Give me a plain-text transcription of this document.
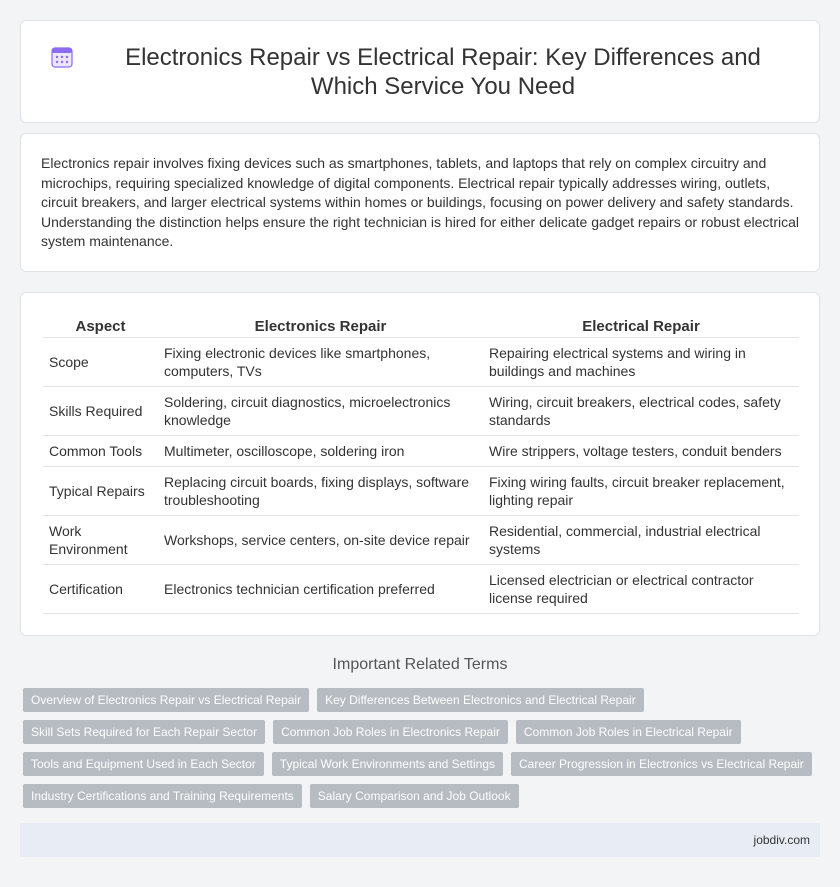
Electronics Repair vs Electrical Repair: Key Differences and Which Service You Need

Electronics repair involves fixing devices such as smartphones, tablets, and laptops that rely on complex circuitry and microchips, requiring specialized knowledge of digital components. Electrical repair typically addresses wiring, outlets, circuit breakers, and larger electrical systems within homes or buildings, focusing on power delivery and safety standards. Understanding the distinction helps ensure the right technician is hired for either delicate gadget repairs or robust electrical system maintenance.

Aspect	Electronics Repair	Electrical Repair
Scope	Fixing electronic devices like smartphones, computers, TVs	Repairing electrical systems and wiring in buildings and machines
Skills Required	Soldering, circuit diagnostics, microelectronics knowledge	Wiring, circuit breakers, electrical codes, safety standards
Common Tools	Multimeter, oscilloscope, soldering iron	Wire strippers, voltage testers, conduit benders
Typical Repairs	Replacing circuit boards, fixing displays, software troubleshooting	Fixing wiring faults, circuit breaker replacement, lighting repair
Work Environment	Workshops, service centers, on-site device repair	Residential, commercial, industrial electrical systems
Certification	Electronics technician certification preferred	Licensed electrician or electrical contractor license required
Important Related Terms
Overview of Electronics Repair vs Electrical Repair	Key Differences Between Electronics and Electrical Repair
Skill Sets Required for Each Repair Sector	Common Job Roles in Electronics Repair	Common Job Roles in Electrical Repair
Tools and Equipment Used in Each Sector	Typical Work Environments and Settings	Career Progression in Electronics vs Electrical Repair
Industry Certifications and Training Requirements	Salary Comparison and Job Outlook
jobdiv.com
